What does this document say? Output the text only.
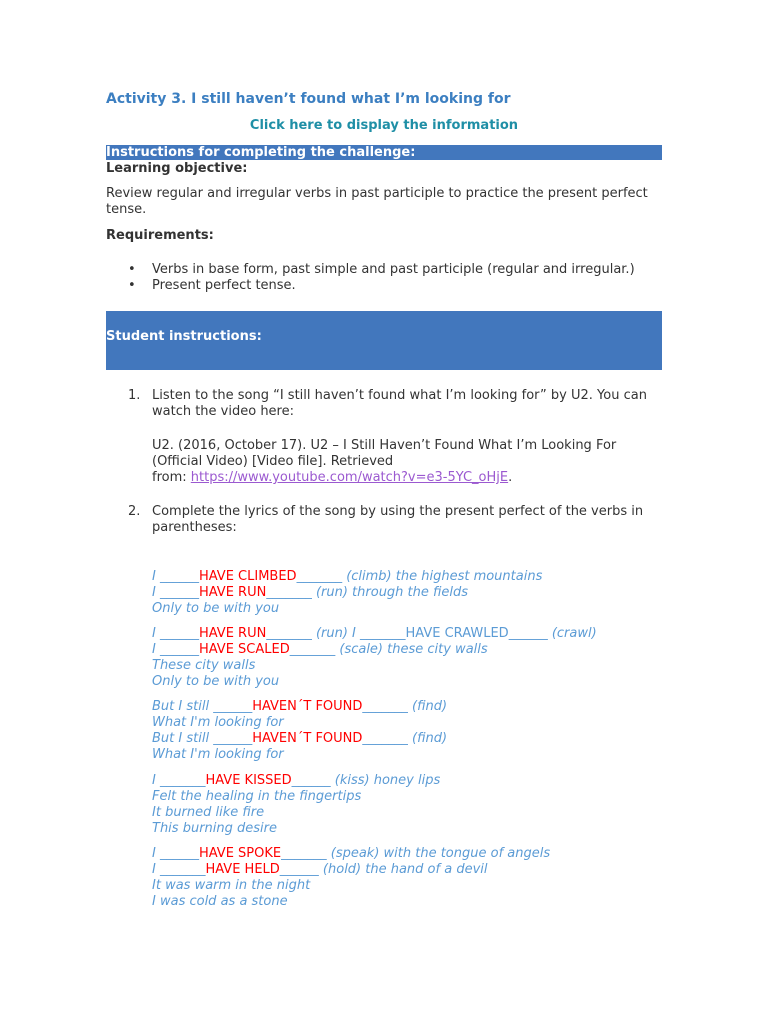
Activity 3. I still haven’t found what I’m looking for
Click here to display the information
Instructions for completing the challenge:
Learning objective:
Review regular and irregular verbs in past participle to practice the present perfect tense.
Requirements:
• Verbs in base form, past simple and past participle (regular and irregular.)
• Present perfect tense.
Student instructions:
1. Listen to the song “I still haven’t found what I’m looking for” by U2. You can watch the video here:
U2. (2016, October 17). U2 – I Still Haven’t Found What I’m Looking For (Official Video) [Video file]. Retrieved
from: https://www.youtube.com/watch?v=e3-5YC_oHjE.
2. Complete the lyrics of the song by using the present perfect of the verbs in parentheses:
I ______HAVE CLIMBED_______ (climb) the highest mountains
I ______HAVE RUN_______ (run) through the fields
Only to be with you
I ______HAVE RUN_______ (run) I _______HAVE CRAWLED______ (crawl)
I ______HAVE SCALED_______ (scale) these city walls
These city walls
Only to be with you
But I still ______HAVEN´T FOUND_______ (find)
What I'm looking for
But I still ______HAVEN´T FOUND_______ (find)
What I'm looking for
I _______HAVE KISSED______ (kiss) honey lips
Felt the healing in the fingertips
It burned like fire
This burning desire
I ______HAVE SPOKE_______ (speak) with the tongue of angels
I _______HAVE HELD______ (hold) the hand of a devil
It was warm in the night
I was cold as a stone
